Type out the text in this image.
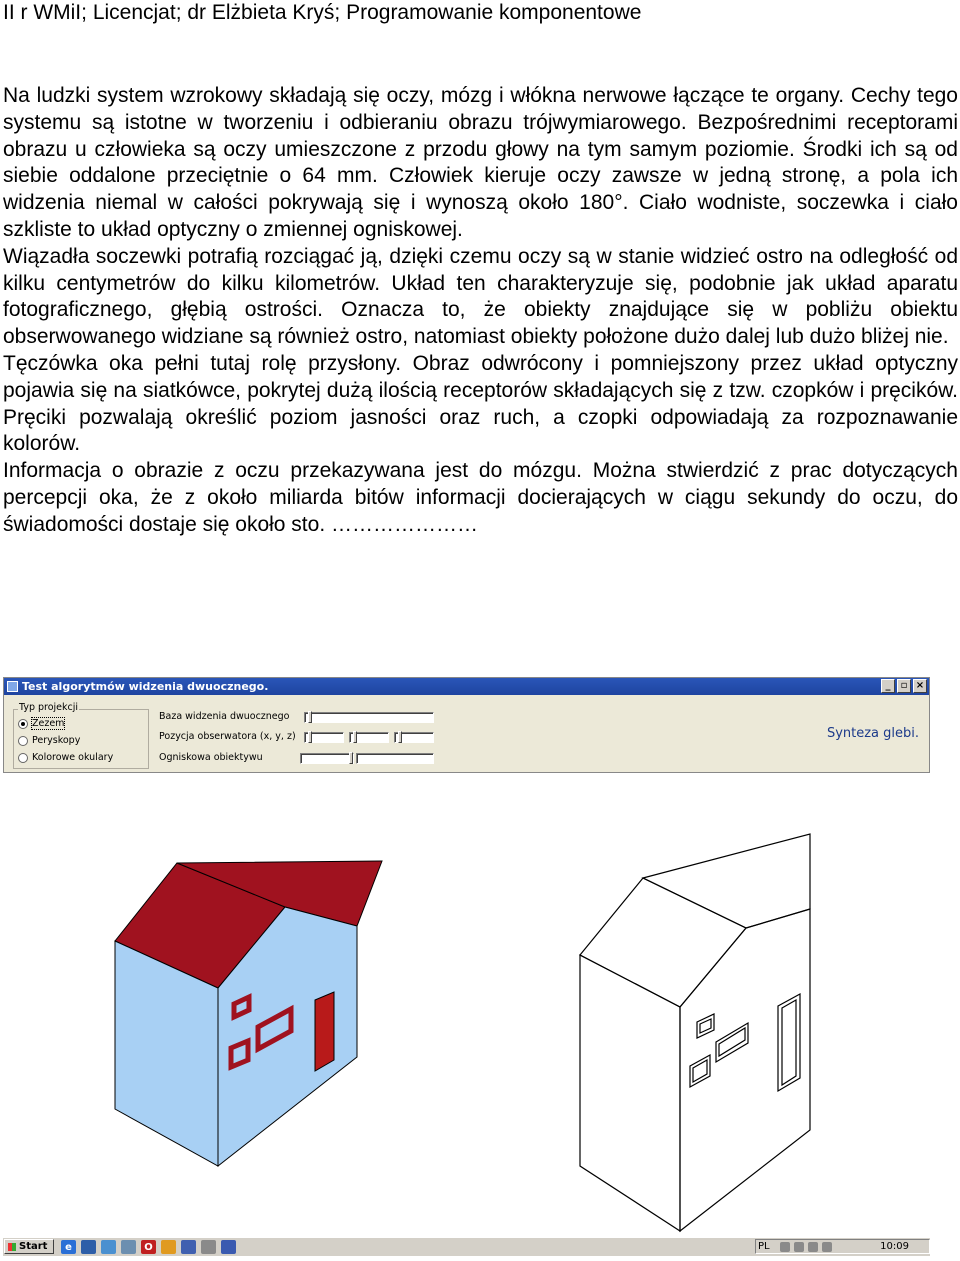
II r WMiI; Licencjat; dr Elżbieta Kryś; Programowanie komponentowe

Na ludzki system wzrokowy składają się oczy, mózg i włókna nerwowe łączące te organy. Cechy tego systemu są istotne w tworzeniu i odbieraniu obrazu trójwymiarowego. Bezpośrednimi receptorami obrazu u człowieka są oczy umieszczone z przodu głowy na tym samym poziomie. Środki ich są od siebie oddalone przeciętnie o 64 mm. Człowiek kieruje oczy zawsze w jedną stronę, a pola ich widzenia niemal w całości pokrywają się i wynoszą około 180°. Ciało wodniste, soczewka i ciało szkliste to układ optyczny o zmiennej ogniskowej.

Wiązadła soczewki potrafią rozciągać ją, dzięki czemu oczy są w stanie widzieć ostro na odległość od kilku centymetrów do kilku kilometrów. Układ ten charakteryzuje się, podobnie jak układ aparatu fotograficznego, głębią ostrości. Oznacza to, że obiekty znajdujące się w pobliżu obiektu obserwowanego widziane są również ostro, natomiast obiekty położone dużo dalej lub dużo bliżej nie.

Tęczówka oka pełni tutaj rolę przysłony. Obraz odwrócony i pomniejszony przez układ optyczny pojawia się na siatkówce, pokrytej dużą ilością receptorów składających się z tzw. czopków i pręcików. Pręciki pozwalają określić poziom jasności oraz ruch, a czopki odpowiadają za rozpoznawanie kolorów.

Informacja o obrazie z oczu przekazywana jest do mózgu. Można stwierdzić z prac dotyczących percepcji oka, że z około miliarda bitów informacji docierających w ciągu sekundy do oczu, do świadomości dostaje się około sto. …………………

Test algorytmów widzenia dwuocznego.	_	▫ ×
Typ projekcji
Zezem
Peryskopy
Kolorowe okulary
Baza widzenia dwuocznego
Pozycja obserwatora (x, y, z)
Ogniskowa obiektywu
Synteza glebi.
Start	e	O	PL	10:09
